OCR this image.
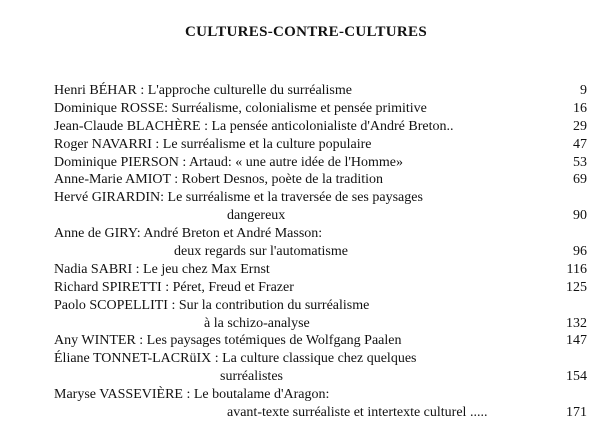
CULTURES-CONTRE-CULTURES
Henri BÉHAR : L'approche culturelle du surréalisme	9
Dominique ROSSE: Surréalisme, colonialisme et pensée primitive	16
Jean-Claude BLACHÈRE : La pensée anticolonialiste d'André Breton..	29
Roger NAVARRI : Le surréalisme et la culture populaire	47
Dominique PIERSON : Artaud: « une autre idée de l'Homme»	53
Anne-Marie AMIOT : Robert Desnos, poète de la tradition	69
Hervé GIRARDIN: Le surréalisme et la traversée de ses paysages
dangereux	90
Anne de GIRY: André Breton et André Masson:
deux regards sur l'automatisme	96
Nadia SABRI : Le jeu chez Max Ernst	116
Richard SPIRETTI : Péret, Freud et Frazer	125
Paolo SCOPELLITI : Sur la contribution du surréalisme
à la schizo-analyse	132
Any WINTER : Les paysages totémiques de Wolfgang Paalen	147
Éliane TONNET-LACRüIX : La culture classique chez quelques
surréalistes	154
Maryse VASSEVIÈRE : Le boutalame d'Aragon:
avant-texte surréaliste et intertexte culturel .....	171
